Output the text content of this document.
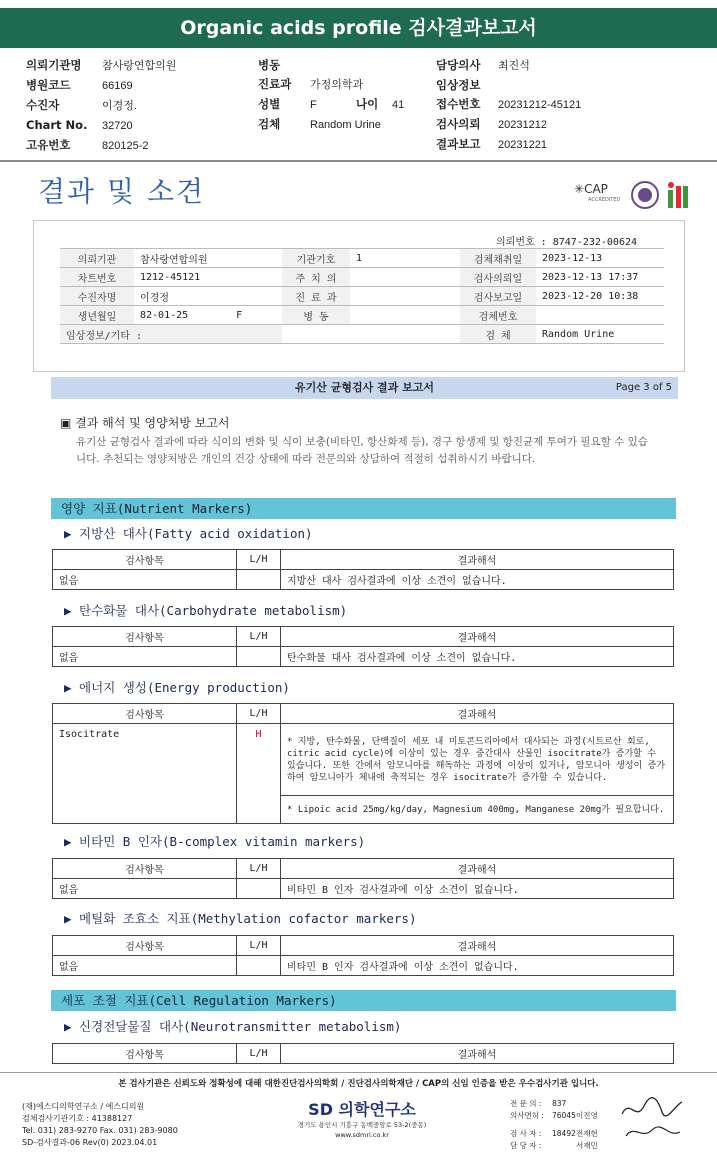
Organic acids profile 검사결과보고서
의뢰기관명 참사랑연합의원
병원코드	66169
수진자	이경정.
Chart No. 32720
고유번호	820125-2
병동
진료과 가정의학과
성별	F	나이 41
검체	Random Urine
담당의사 최진석
임상정보
접수번호 20231212-45121
검사의뢰 20231212
결과보고 20231221
결과 및 소견	✳CAP
ACCREDITED
의뢰번호 : 8747-232-00624
의뢰기관	참사랑연합의원	기관기호	1	검체채취일	2023-12-13
차트번호	1212-45121	주 치 의		검사의뢰일	2023-12-13 17:37
수진자명	이경정	진 료 과		검사보고일	2023-12-20 10:38
생년월일	82-01-25 F	병 동		검체번호	
임상정보/기타 :				검 체	Random Urine
유기산 균형검사 결과 보고서	Page 3 of 5
▣ 결과 해석 및 영양처방 보고서
유기산 균형검사 결과에 따라 식이의 변화 및 식이 보충(비타민, 항산화제 등), 경구 항생제 및 항진균제 투여가 필요할 수 있습니다. 추천되는 영양처방은 개인의 건강 상태에 따라 전문의와 상담하여 적절히 섭취하시기 바랍니다.
영양 지표(Nutrient Markers)
▶ 지방산 대사(Fatty acid oxidation)
검사항목	L/H	결과해석
없음		지방산 대사 검사결과에 이상 소견이 없습니다.
▶ 탄수화물 대사(Carbohydrate metabolism)
검사항목	L/H	결과해석
없음		탄수화물 대사 검사결과에 이상 소견이 없습니다.
▶ 에너지 생성(Energy production)
검사항목	L/H	결과해석
Isocitrate	H	* 지방, 탄수화물, 단백질이 세포 내 미토콘드리아에서 대사되는 과정(시트르산 회로, citric acid cycle)에 이상이 있는 경우 중간대사 산물인 isocitrate가 증가할 수 있습니다. 또한 간에서 암모니아를 해독하는 과정에 이상이 있거나, 암모니아 생성이 증가하여 암모니아가 체내에 축적되는 경우 isocitrate가 증가할 수 있습니다.
		* Lipoic acid 25mg/kg/day, Magnesium 400mg, Manganese 20mg가 필요합니다.
▶ 비타민 B 인자(B-complex vitamin markers)
검사항목	L/H	결과해석
없음		비타민 B 인자 검사결과에 이상 소견이 없습니다.
▶ 메틸화 조효소 지표(Methylation cofactor markers)
검사항목	L/H	결과해석
없음		비타민 B 인자 검사결과에 이상 소견이 없습니다.
세포 조절 지표(Cell Regulation Markers)
▶ 신경전달물질 대사(Neurotransmitter metabolism)
검사항목	L/H	결과해석
본 검사기관은 신뢰도와 정확성에 대해 대한진단검사의학회 / 진단검사의학재단 / CAP의 신임 인증을 받은 우수검사기관 입니다.
(재)에스디의학연구소 / 에스디의원
검체검사기관기호 : 41388127
Tel. 031) 283-9270 Fax. 031) 283-9080
SD-검사결과-06 Rev(0) 2023.04.01
SD 의학연구소
경기도 용인시 기흥구 동백중앙로 53-2(중동)
www.sdmri.co.kr
전 문 의 : 837
의사면허 : 76045이진영
검 사 자 : 18492전재현
담 당 자 :	서재민
